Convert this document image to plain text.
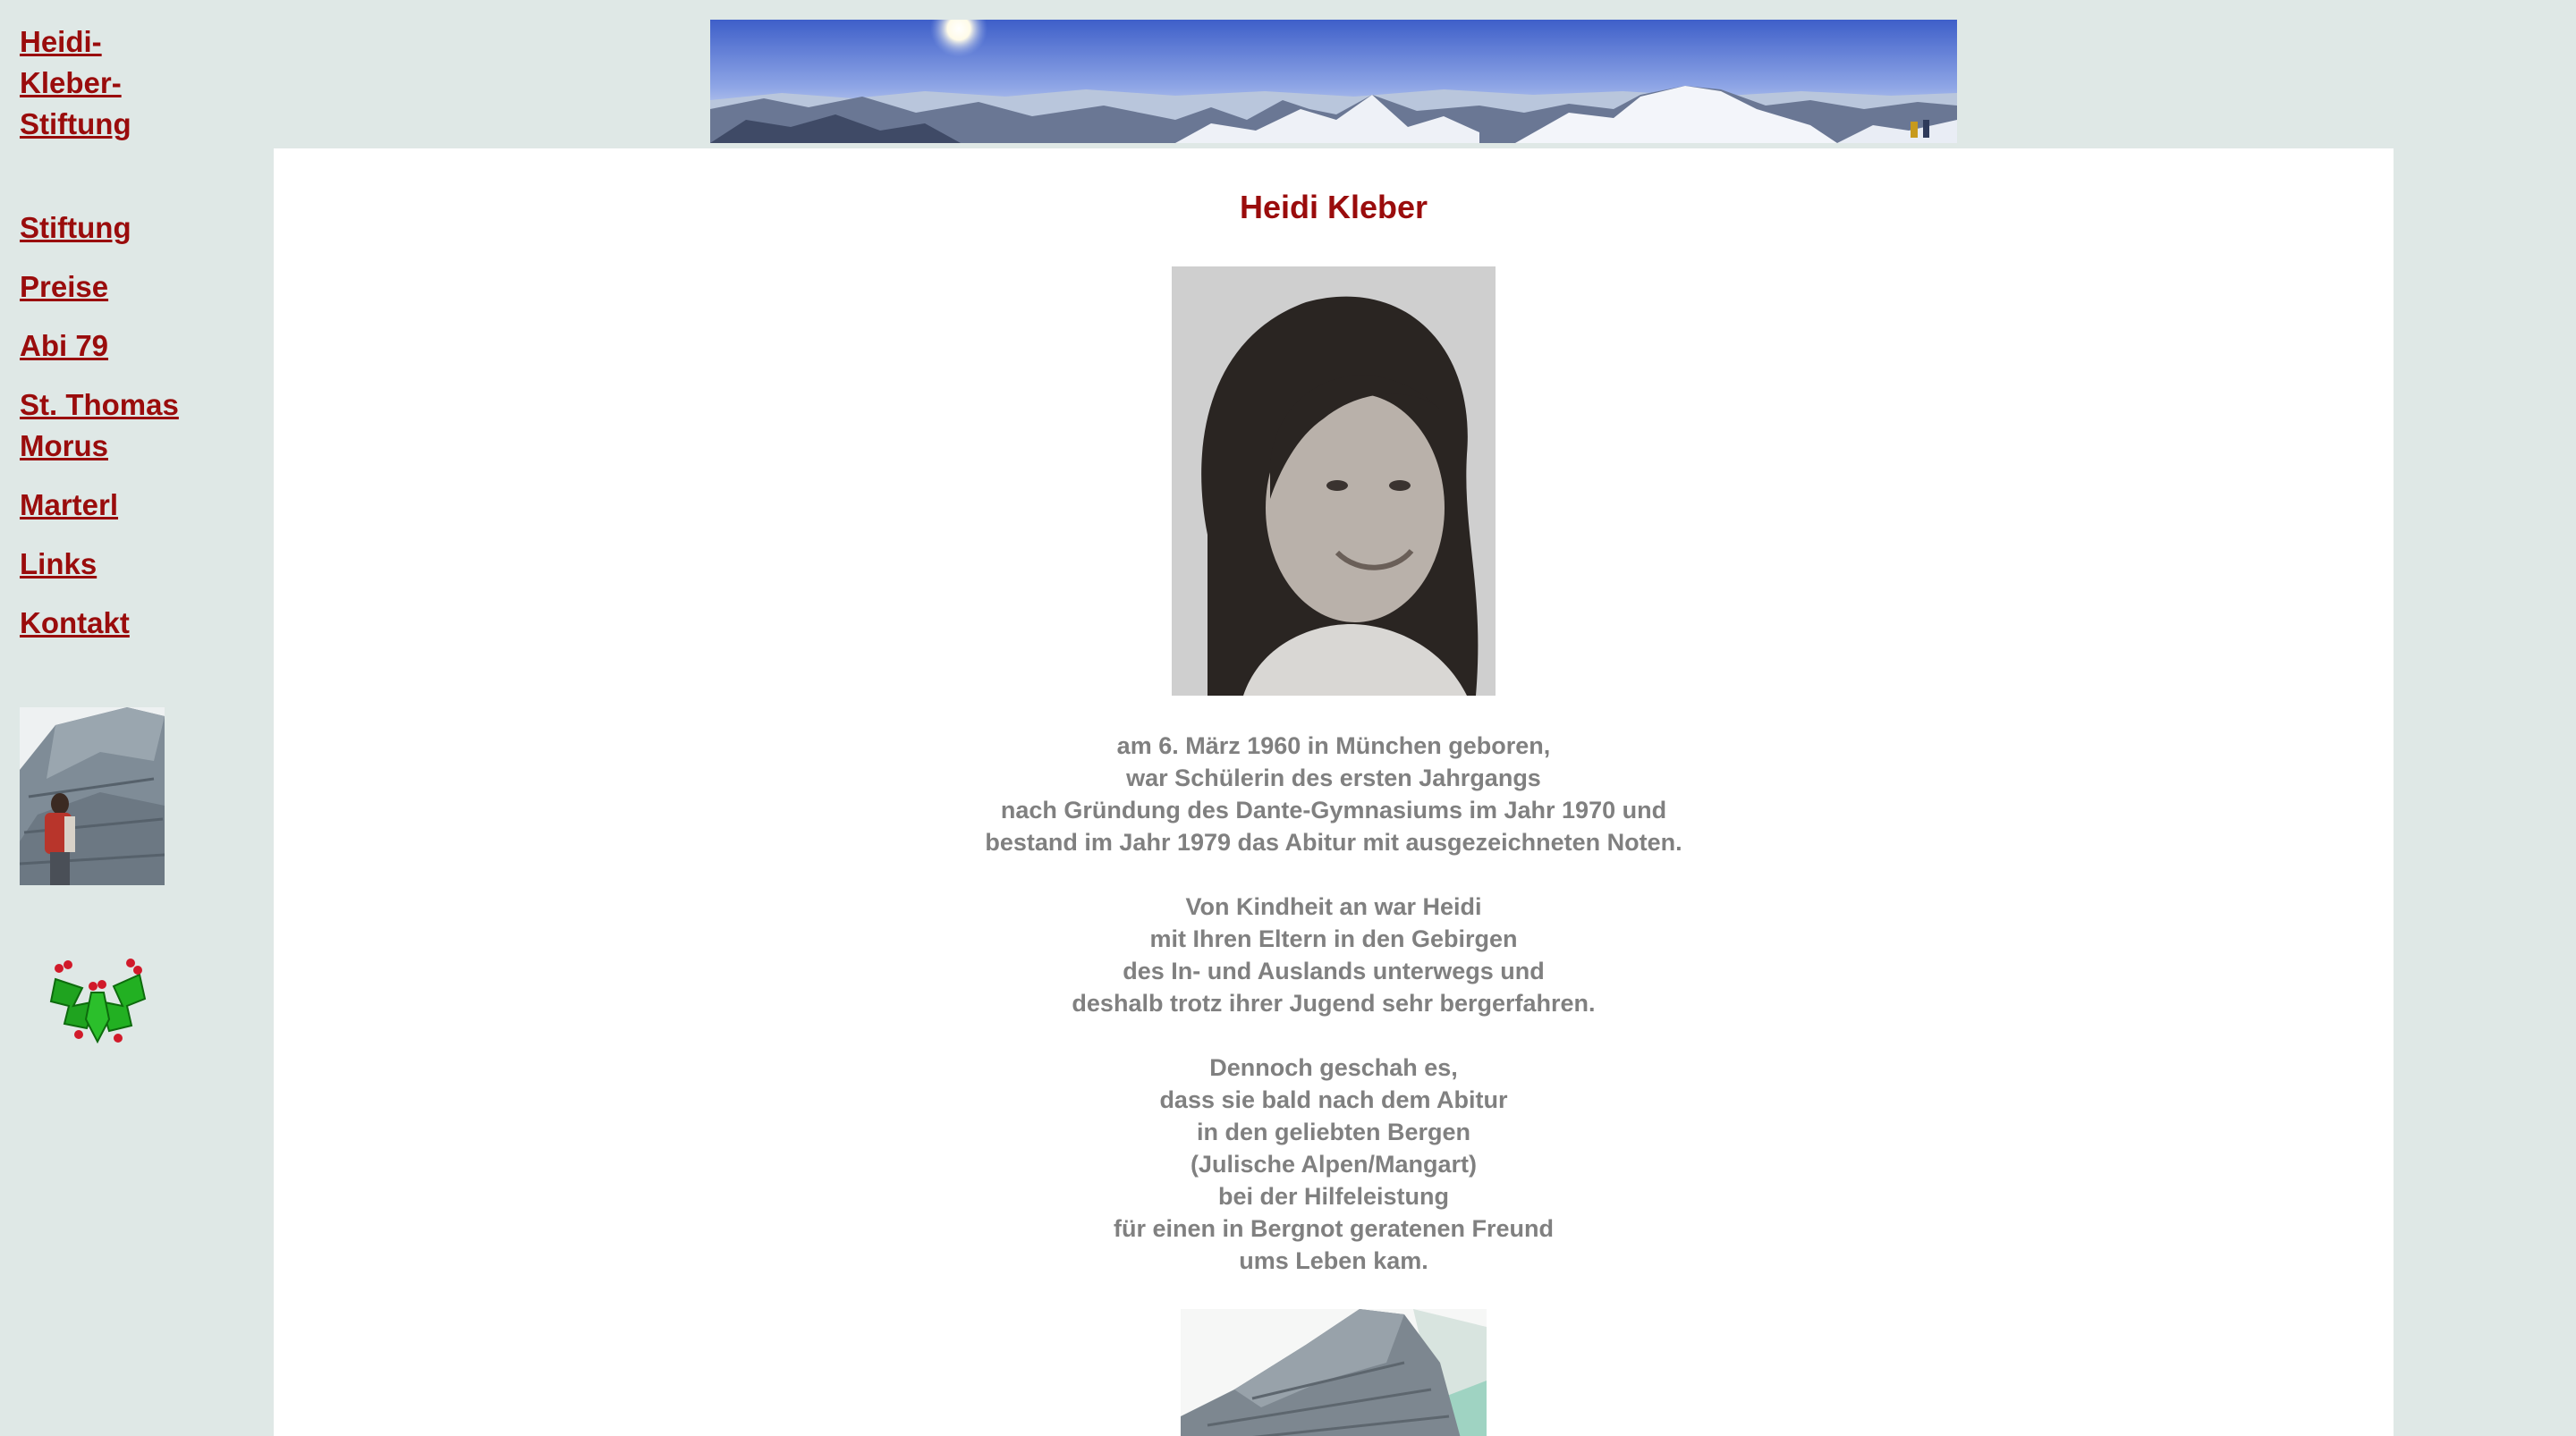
Heidi-
Kleber-
Stiftung
Stiftung
Preise
Abi 79
St. Thomas
Morus
Marterl
Links
Kontakt
Heidi Kleber

am 6. März 1960 in München geboren,
war Schülerin des ersten Jahrgangs
nach Gründung des Dante-Gymnasiums im Jahr 1970 und
bestand im Jahr 1979 das Abitur mit ausgezeichneten Noten.

Von Kindheit an war Heidi
mit Ihren Eltern in den Gebirgen
des In- und Auslands unterwegs und
deshalb trotz ihrer Jugend sehr bergerfahren.

Dennoch geschah es,
dass sie bald nach dem Abitur
in den geliebten Bergen
(Julische Alpen/Mangart)
bei der Hilfeleistung
für einen in Bergnot geratenen Freund
ums Leben kam.
